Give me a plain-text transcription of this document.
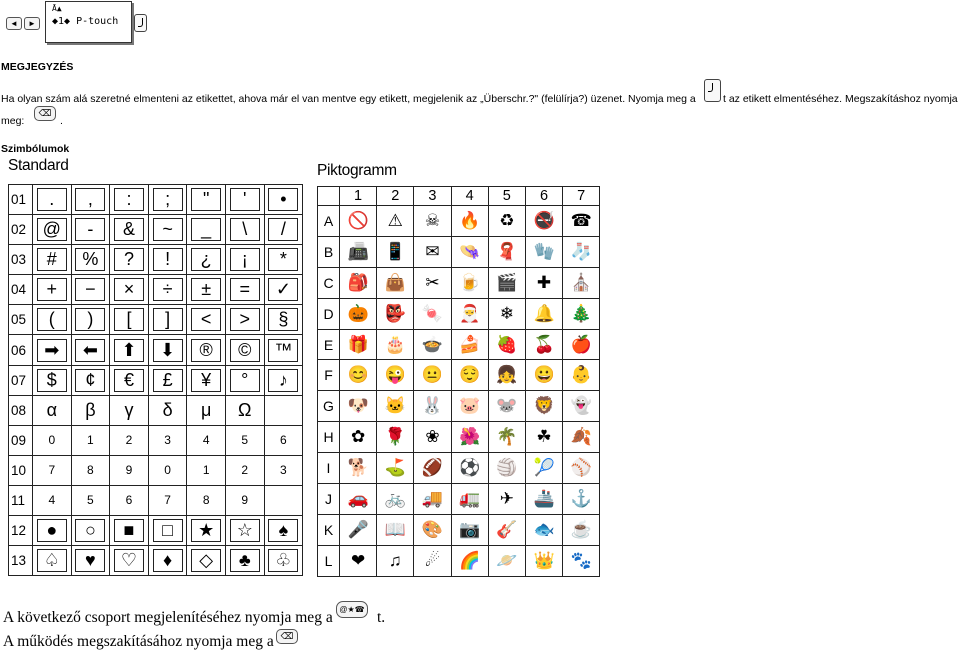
◄	►
Ā▲
◆1◆ P-touch
MEGJEGYZÉS
Ha olyan szám alá szeretné elmenteni az etikettet, ahova már el van mentve egy etikett, megjelenik az „Überschr.?" (felülírja?) üzenet. Nyomja meg a	t az etikett elmentéséhez. Megszakításhoz nyomja
meg:
⌫
.
Szimbólumok
Standard	Piktogramm
01	.	,	:	;	"	'	•
02	@	-	&	~	_	\	/
03	#	%	?	!	¿	¡	*
04	+	−	×	÷	±	=	✓
05	(	)	[	]	<	>	§
06	➡	⬅	⬆	⬇	®	©	™
07	$	¢	€	£	¥	°	♪
08	α	β	γ	δ	μ	Ω	
09	0	1	2	3	4	5	6

10	7	8	9	0	1	2	3

11	4	5	6	7	8	9	

12	●	○	■	□	★	☆	♠
13	♤	♥	♡	♦	◇	♣	♧
	1	2	3	4	5	6	7
A	🚫	⚠	☠	🔥	♻	🚭	☎
B	📠	📱	✉	👒	🧣	🧤	🧦
C	🎒	👜	✂	🍺	🎬	✚	⛪
D	🎃	👺	🍬	🎅	❄	🔔	🎄
E	🎁	🎂	🍲	🍰	🍓	🍒	🍎
F	😊	😜	😐	😌	👧	😀	👶
G	🐶	🐱	🐰	🐷	🐭	🦁	👻
H	✿	🌹	❀	🌺	🌴	☘	🍂
I	🐕	⛳	🏈	⚽	🏐	🎾	⚾
J	🚗	🚲	🚚	🚛	✈	🚢	⚓
K	🎤	📖	🎨	📷	🎸	🐟	☕
L	❤	♫	☄	🌈	🪐	👑	🐾
A következő csoport megjelenítéséhez nyomja meg a @★☎ t.
A működés megszakításához nyomja meg a ⌫
